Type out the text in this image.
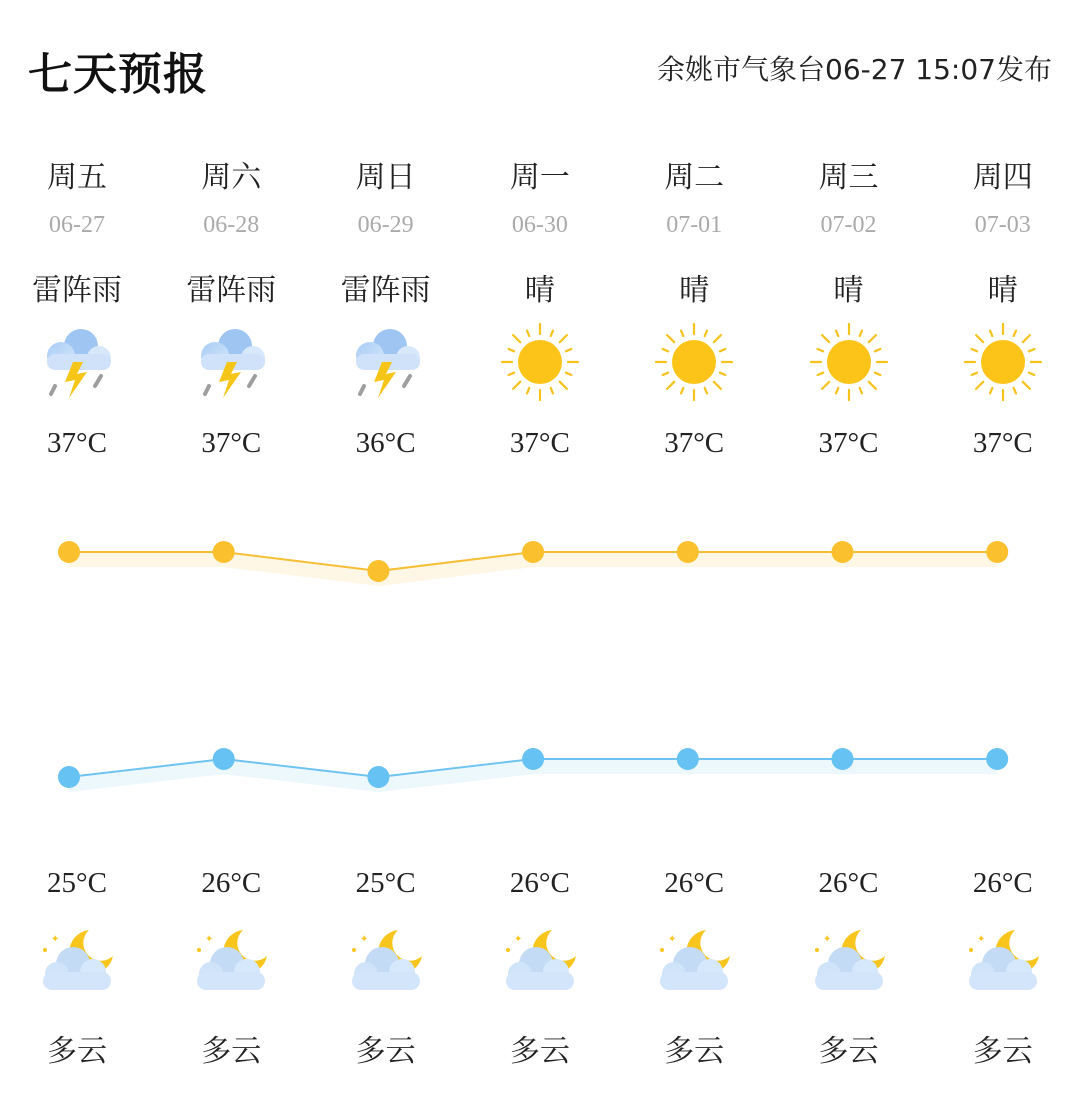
七天预报	余姚市气象台06-27 15:07发布
周五
06-27
雷阵雨
37°C
25°C
✦
多云
周六
06-28
雷阵雨
37°C
26°C
✦
多云
周日
06-29
雷阵雨
36°C
25°C
✦
多云
周一
06-30
晴
37°C
26°C
✦
多云
周二
07-01
晴
37°C
26°C
✦
多云
周三
07-02
晴
37°C
26°C
✦
多云
周四
07-03
晴
37°C
26°C
✦
多云
